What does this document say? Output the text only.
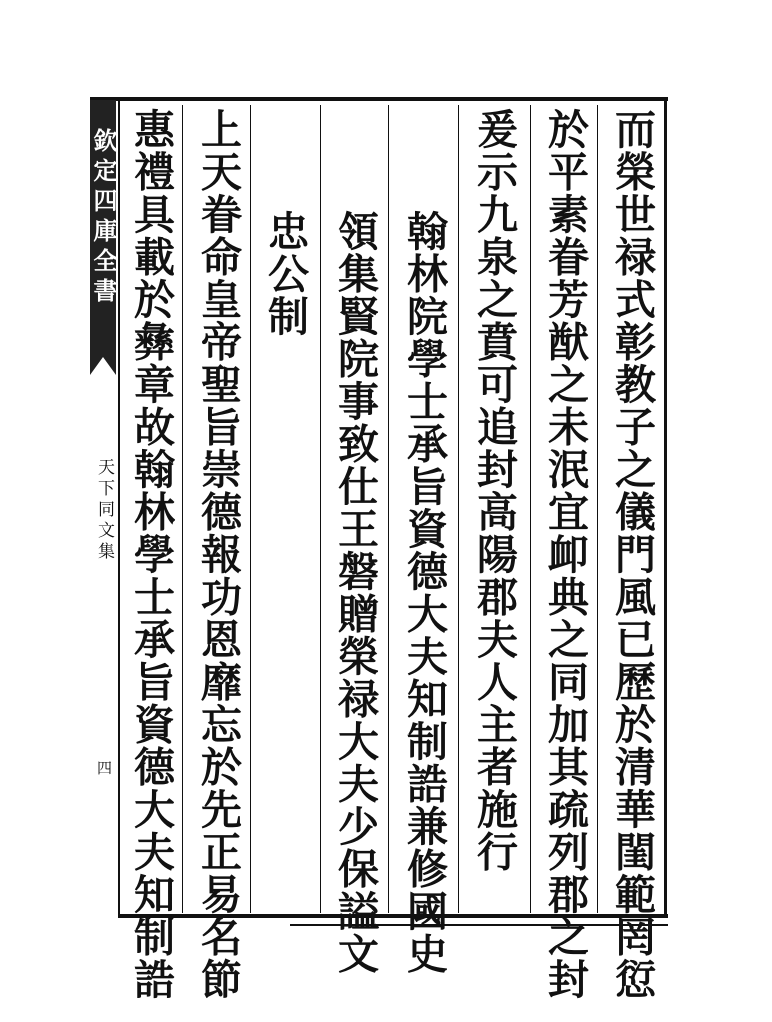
欽定四庫全書
天下同文集
四	而榮世禄式彰教子之儀門風已歷於清華閨範罔愆
於平素眷芳猷之未泯宜卹典之同加其疏列郡之封
爰示九泉之賁可追封高陽郡夫人主者施行
翰林院學士承旨資德大夫知制誥兼修國史
領集賢院事致仕王磐贈榮禄大夫少保謚文
忠公制
上天眷命皇帝聖旨崇德報功恩靡忘於先正易名節
惠禮具載於彝章故翰林學士承旨資德大夫知制誥
